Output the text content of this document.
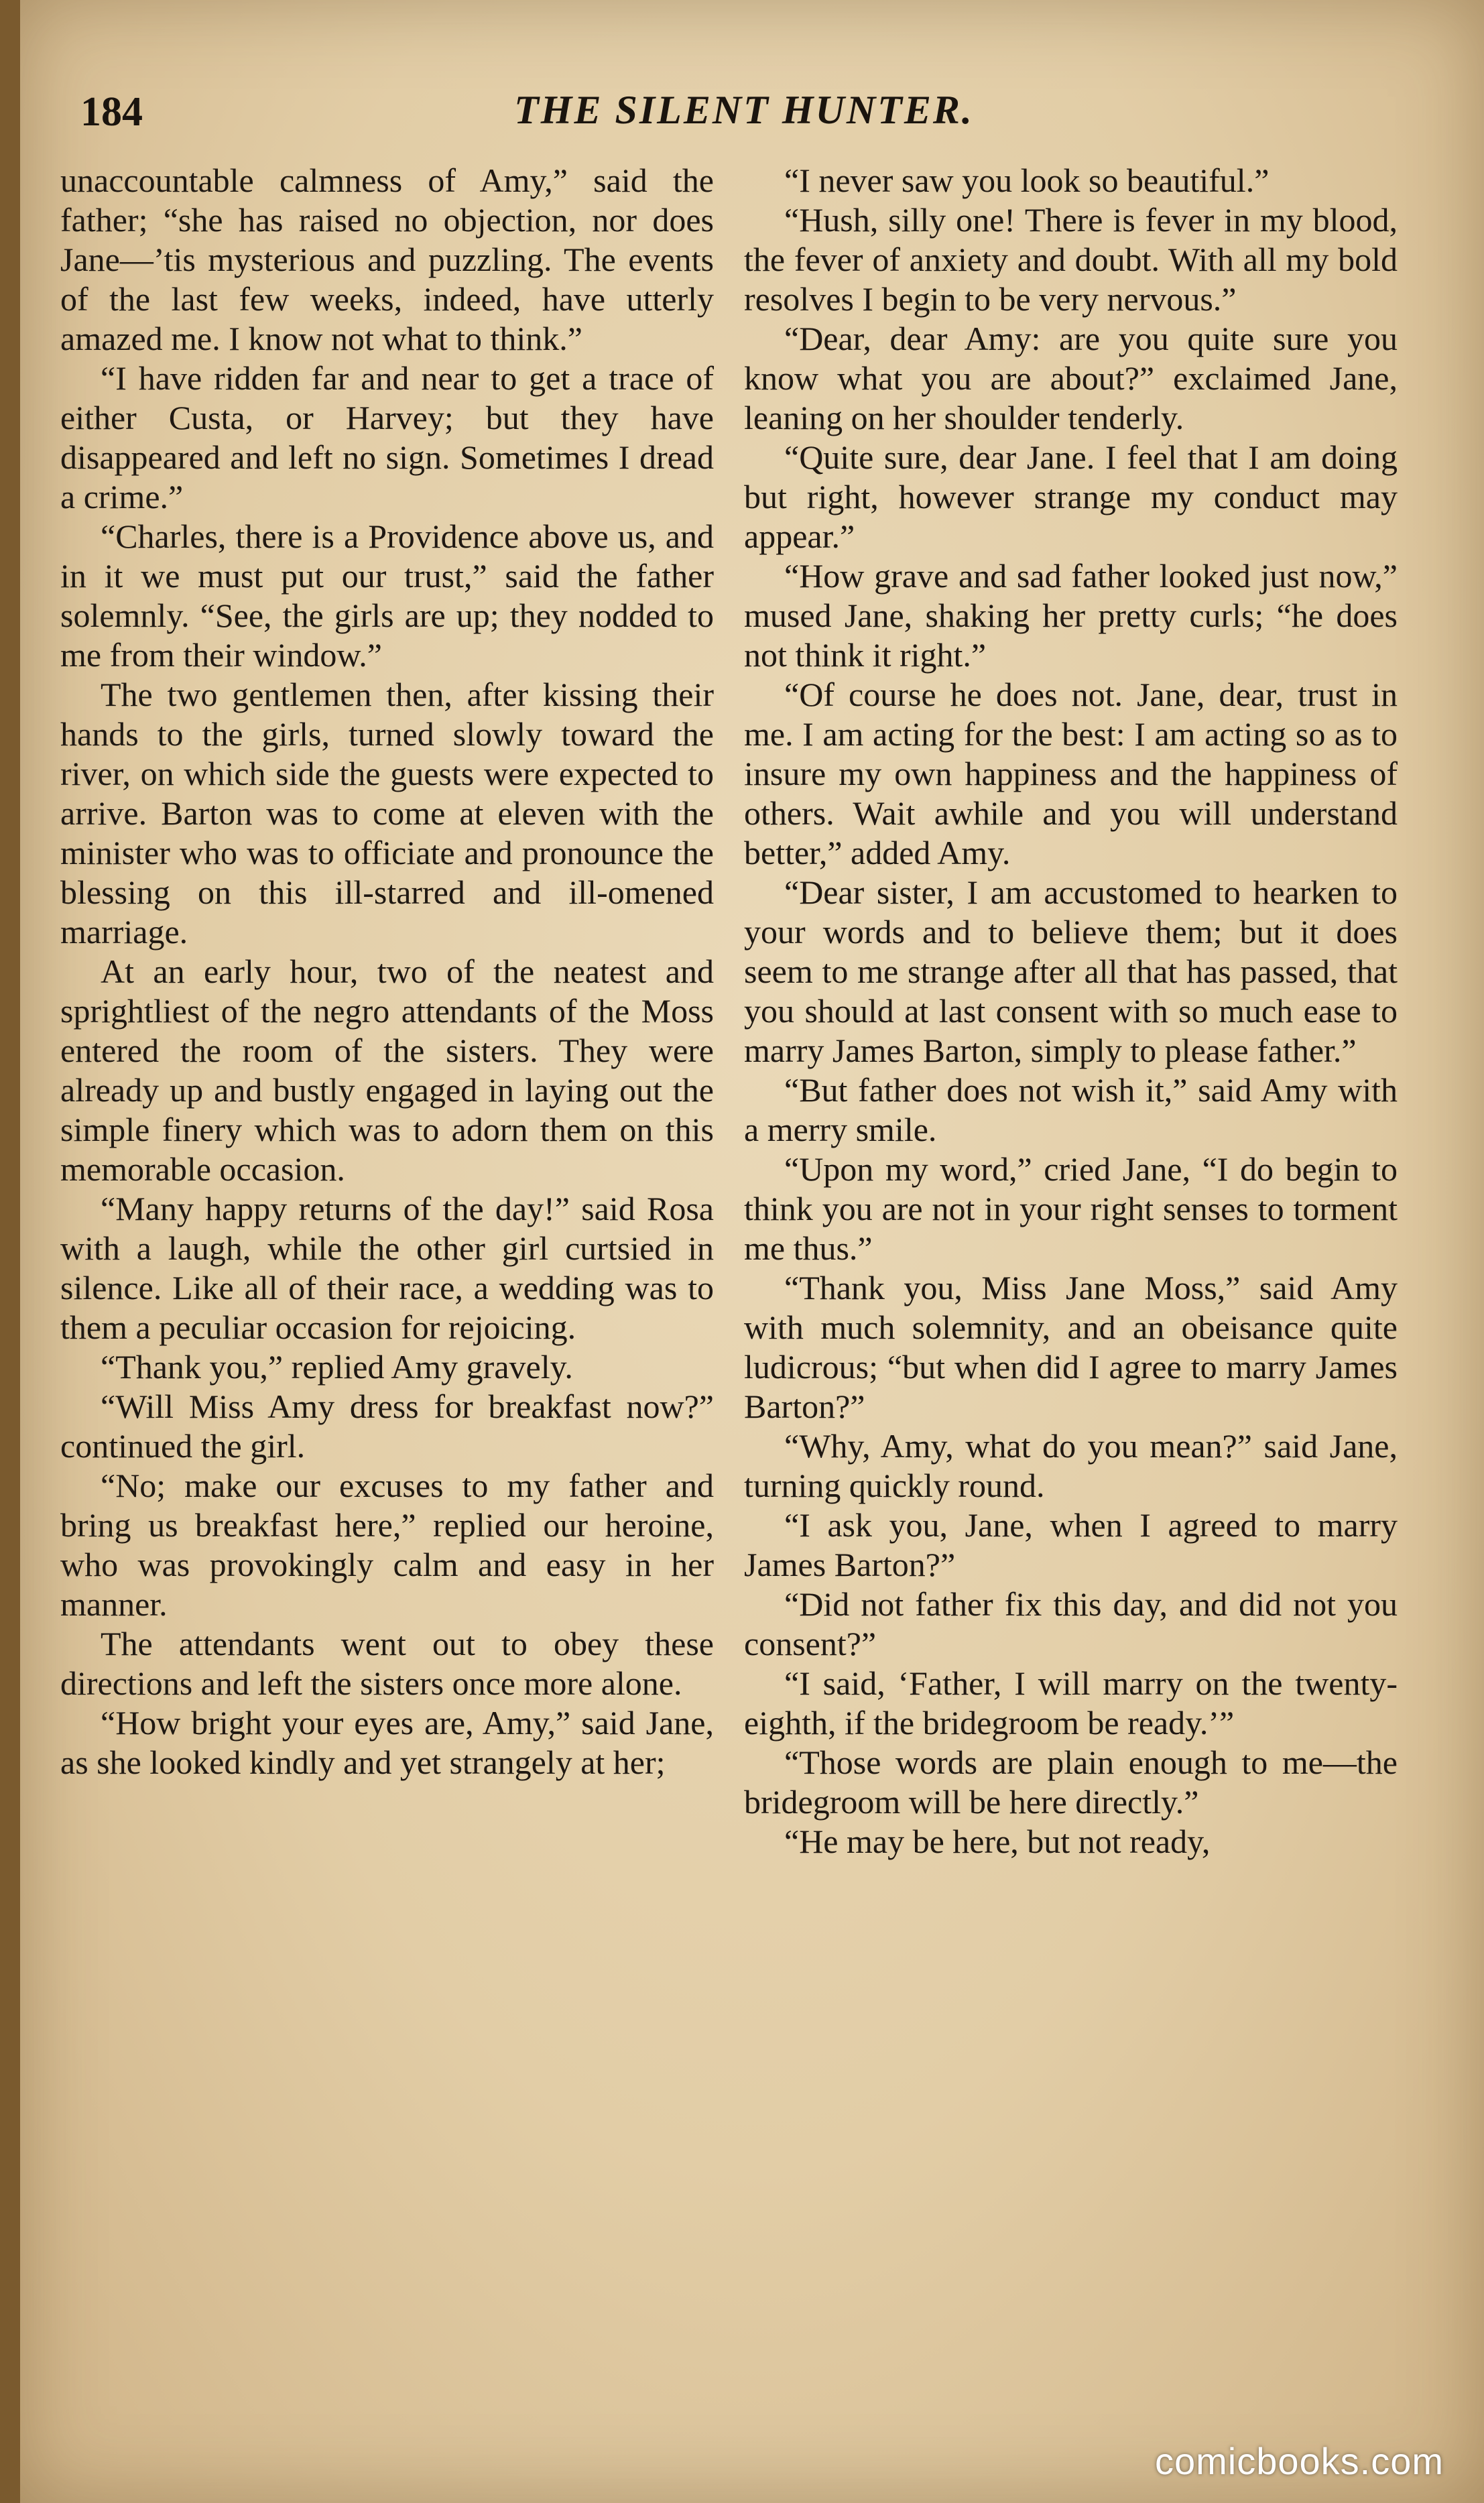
184	THE SILENT HUNTER.

unaccountable calmness of Amy,” said the father; “she has raised no objection, nor does Jane—’tis mysterious and puzzling. The events of the last few weeks, indeed, have utterly amazed me. I know not what to think.”

“I have ridden far and near to get a trace of either Custa, or Harvey; but they have disappeared and left no sign. Sometimes I dread a crime.”

“Charles, there is a Providence above us, and in it we must put our trust,” said the father solemnly. “See, the girls are up; they nodded to me from their window.”

The two gentlemen then, after kissing their hands to the girls, turned slowly toward the river, on which side the guests were expected to arrive. Barton was to come at eleven with the minister who was to officiate and pronounce the blessing on this ill-starred and ill-omened marriage.

At an early hour, two of the neatest and sprightliest of the negro attendants of the Moss entered the room of the sisters. They were already up and bustly engaged in laying out the simple finery which was to adorn them on this memorable occasion.

“Many happy returns of the day!” said Rosa with a laugh, while the other girl curtsied in silence. Like all of their race, a wedding was to them a peculiar occasion for rejoicing.

“Thank you,” replied Amy gravely.

“Will Miss Amy dress for breakfast now?” continued the girl.

“No; make our excuses to my father and bring us breakfast here,” replied our heroine, who was provokingly calm and easy in her manner.

The attendants went out to obey these directions and left the sisters once more alone.

“How bright your eyes are, Amy,” said Jane, as she looked kindly and yet strangely at her;

“I never saw you look so beautiful.”

“Hush, silly one! There is fever in my blood, the fever of anxiety and doubt. With all my bold resolves I begin to be very nervous.”

“Dear, dear Amy: are you quite sure you know what you are about?” exclaimed Jane, leaning on her shoulder tenderly.

“Quite sure, dear Jane. I feel that I am doing but right, however strange my conduct may appear.”

“How grave and sad father looked just now,” mused Jane, shaking her pretty curls; “he does not think it right.”

“Of course he does not. Jane, dear, trust in me. I am acting for the best: I am acting so as to insure my own happiness and the happiness of others. Wait awhile and you will understand better,” added Amy.

“Dear sister, I am accustomed to hearken to your words and to believe them; but it does seem to me strange after all that has passed, that you should at last consent with so much ease to marry James Barton, simply to please father.”

“But father does not wish it,” said Amy with a merry smile.

“Upon my word,” cried Jane, “I do begin to think you are not in your right senses to torment me thus.”

“Thank you, Miss Jane Moss,” said Amy with much solemnity, and an obeisance quite ludicrous; “but when did I agree to marry James Barton?”

“Why, Amy, what do you mean?” said Jane, turning quickly round.

“I ask you, Jane, when I agreed to marry James Barton?”

“Did not father fix this day, and did not you consent?”

“I said, ‘Father, I will marry on the twenty-eighth, if the bridegroom be ready.’”

“Those words are plain enough to me—the bridegroom will be here directly.”

“He may be here, but not ready,

comicbooks.com
